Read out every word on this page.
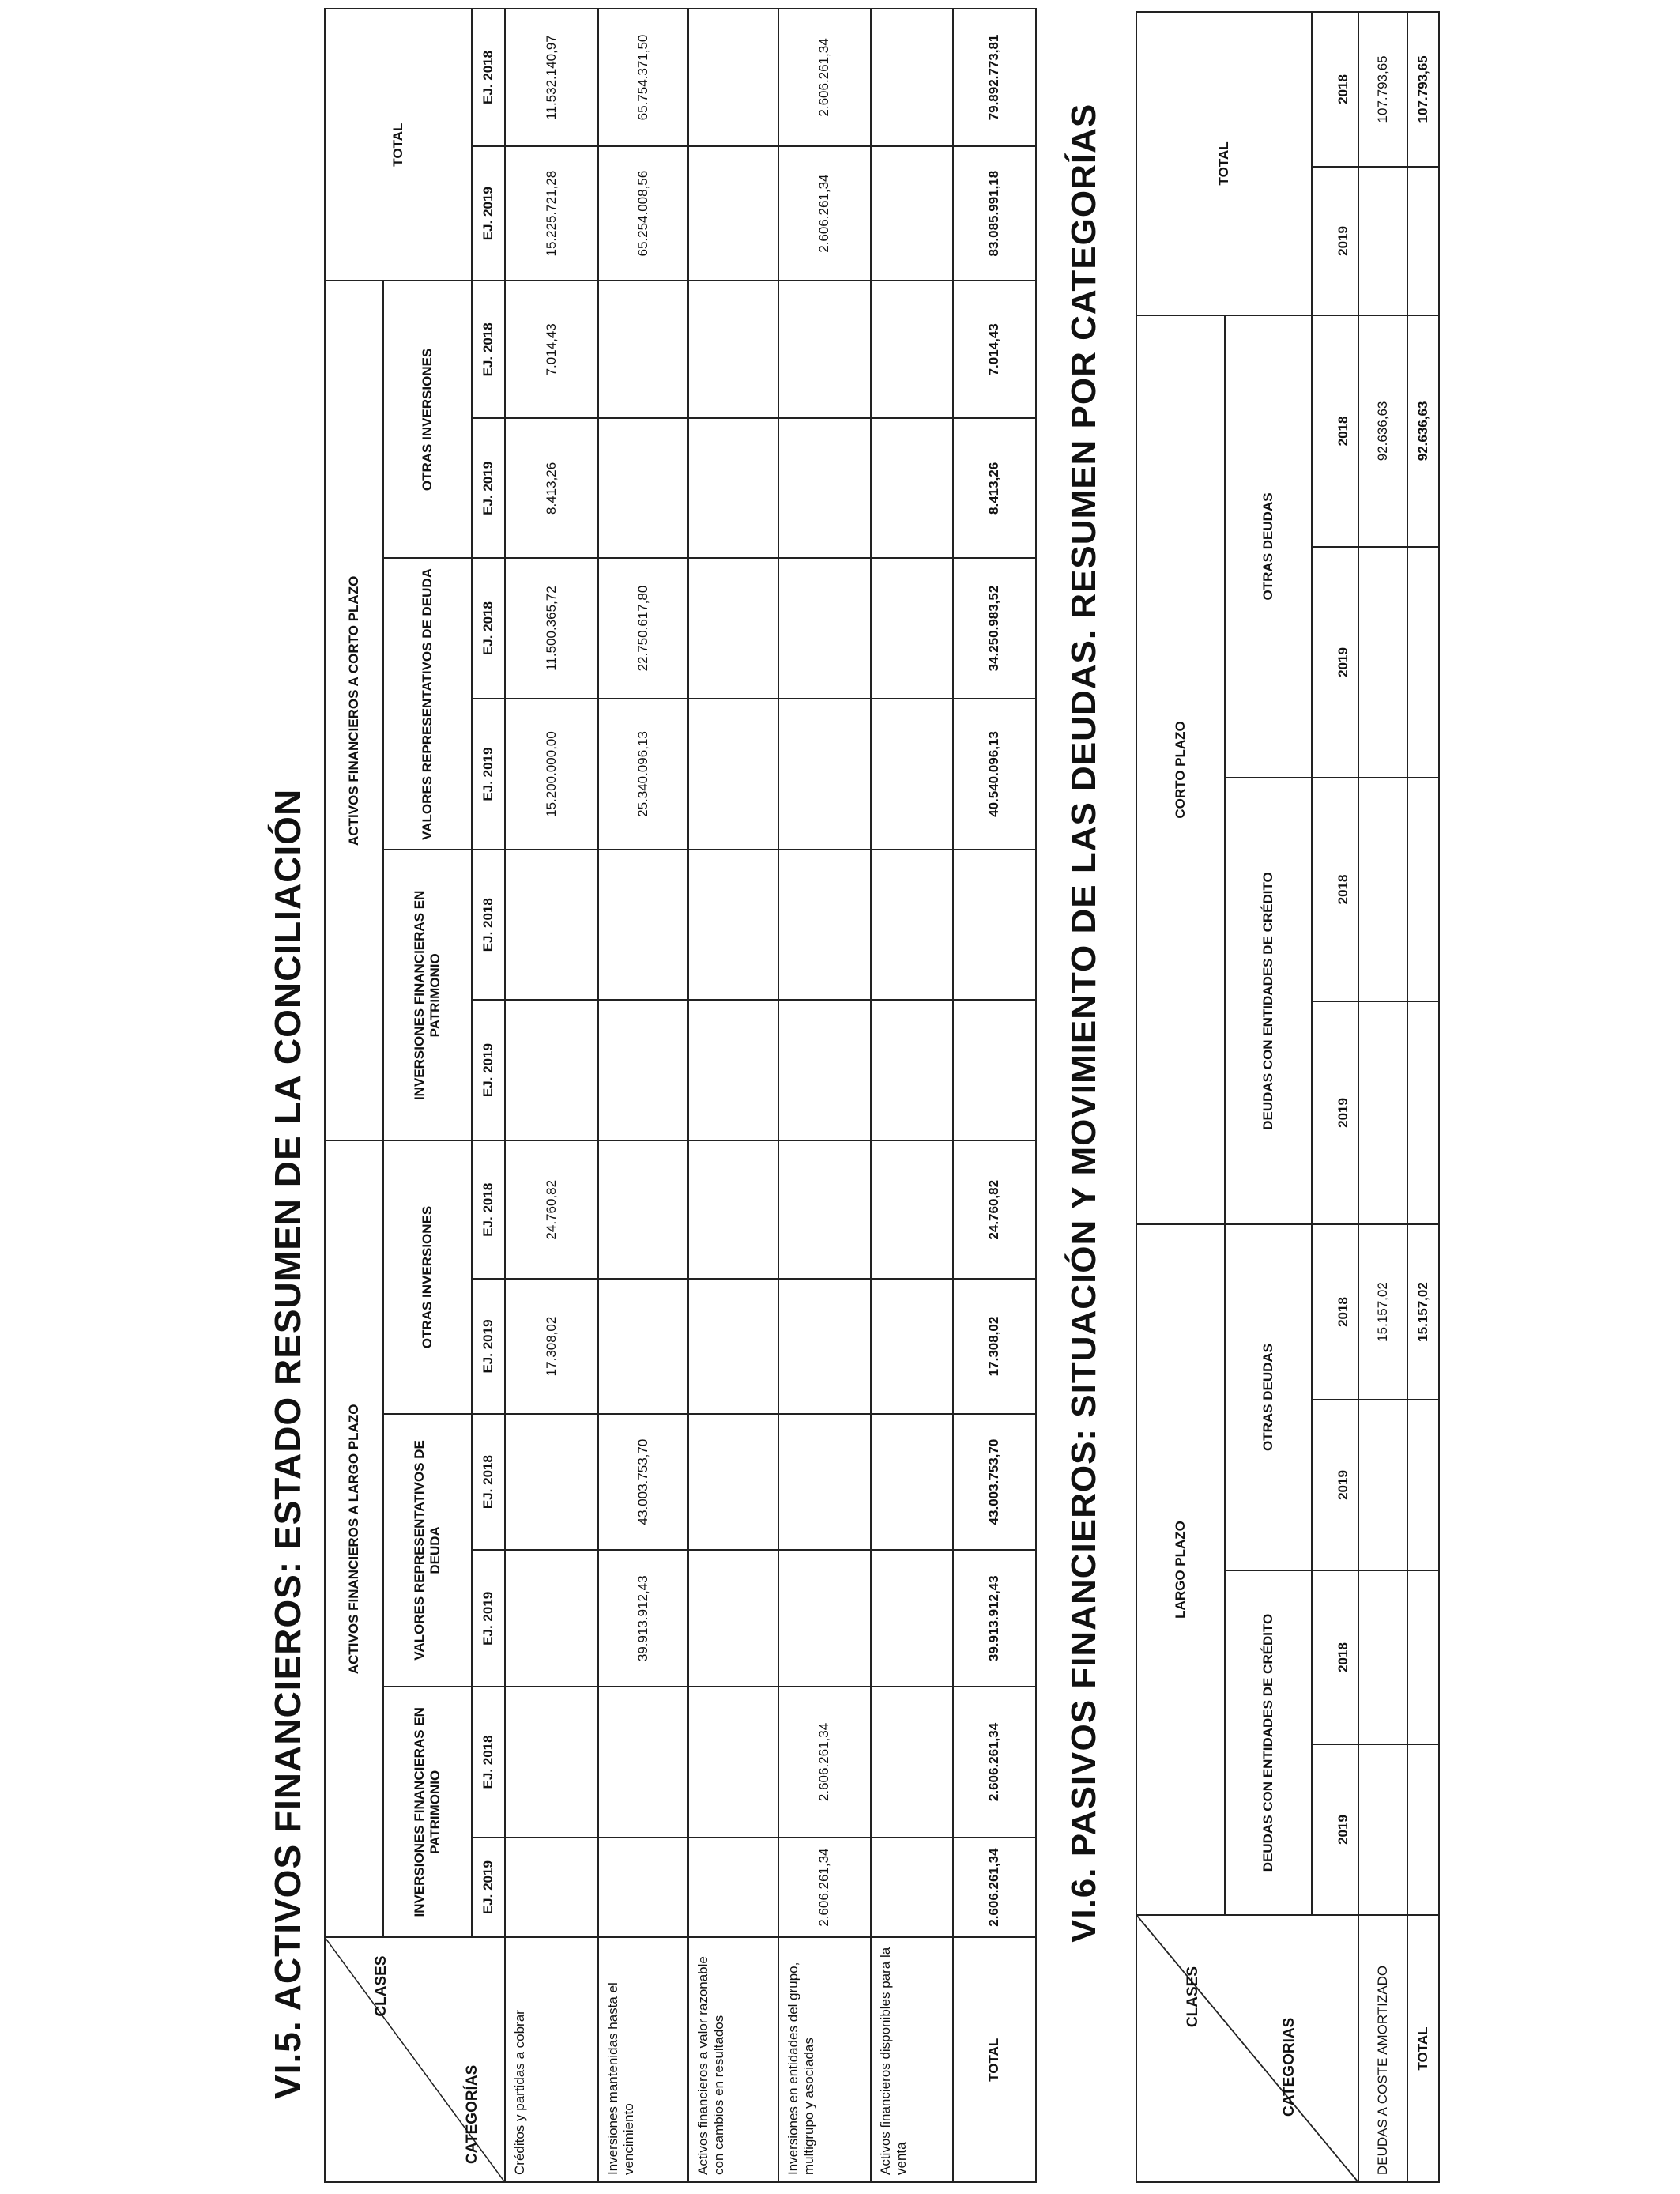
VI.5. ACTIVOS FINANCIEROS: ESTADO RESUMEN DE LA CONCILIACIÓN	CLASES
CATEGORÍAS	ACTIVOS FINANCIEROS A LARGO PLAZO						ACTIVOS FINANCIEROS A CORTO PLAZO						TOTAL	
	INVERSIONES FINANCIERAS EN PATRIMONIO		VALORES REPRESENTATIVOS DE DEUDA		OTRAS INVERSIONES		INVERSIONES FINANCIERAS EN PATRIMONIO		VALORES REPRESENTATIVOS DE DEUDA		OTRAS INVERSIONES			
	EJ. 2019	EJ. 2018	EJ. 2019	EJ. 2018	EJ. 2019	EJ. 2018	EJ. 2019	EJ. 2018	EJ. 2019	EJ. 2018	EJ. 2019	EJ. 2018	EJ. 2019	EJ. 2018
Créditos y partidas a cobrar					17.308,02	24.760,82			15.200.000,00	11.500.365,72	8.413,26	7.014,43	15.225.721,28	11.532.140,97
Inversiones mantenidas hasta el vencimiento			39.913.912,43	43.003.753,70					25.340.096,13	22.750.617,80			65.254.008,56	65.754.371,50
Activos financieros a valor razonable con cambios en resultados														
Inversiones en entidades del grupo, multigrupo y asociadas	2.606.261,34	2.606.261,34											2.606.261,34	2.606.261,34
Activos financieros disponibles para la venta														
TOTAL	2.606.261,34	2.606.261,34	39.913.912,43	43.003.753,70	17.308,02	24.760,82			40.540.096,13	34.250.983,52	8.413,26	7.014,43	83.085.991,18	79.892.773,81
VI.6. PASIVOS FINANCIEROS: SITUACIÓN Y MOVIMIENTO DE LAS DEUDAS. RESUMEN POR CATEGORÍAS
CLASES
CATEGORIAS	LARGO PLAZO				CORTO PLAZO				TOTAL	
	DEUDAS CON ENTIDADES DE CRÉDITO		OTRAS DEUDAS		DEUDAS CON ENTIDADES DE CRÉDITO		OTRAS DEUDAS			
	2019	2018	2019	2018	2019	2018	2019	2018	2019	2018
DEUDAS A COSTE AMORTIZADO				15.157,02				92.636,63		107.793,65
TOTAL				15.157,02				92.636,63		107.793,65
